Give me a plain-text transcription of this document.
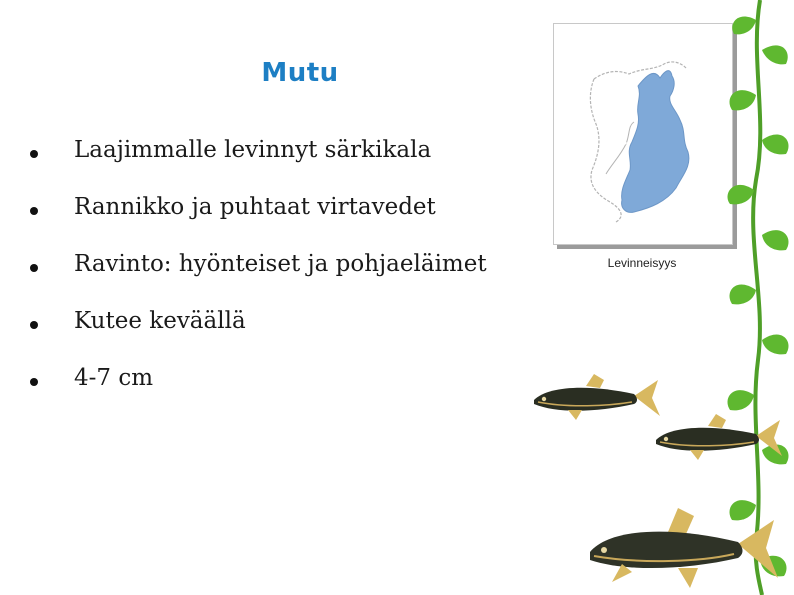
Mutu
Laajimmalle levinnyt särkikala
Rannikko ja puhtaat virtavedet
Ravinto: hyönteiset ja pohjaeläimet
Kutee keväällä
4-7 cm
Levinneisyys
